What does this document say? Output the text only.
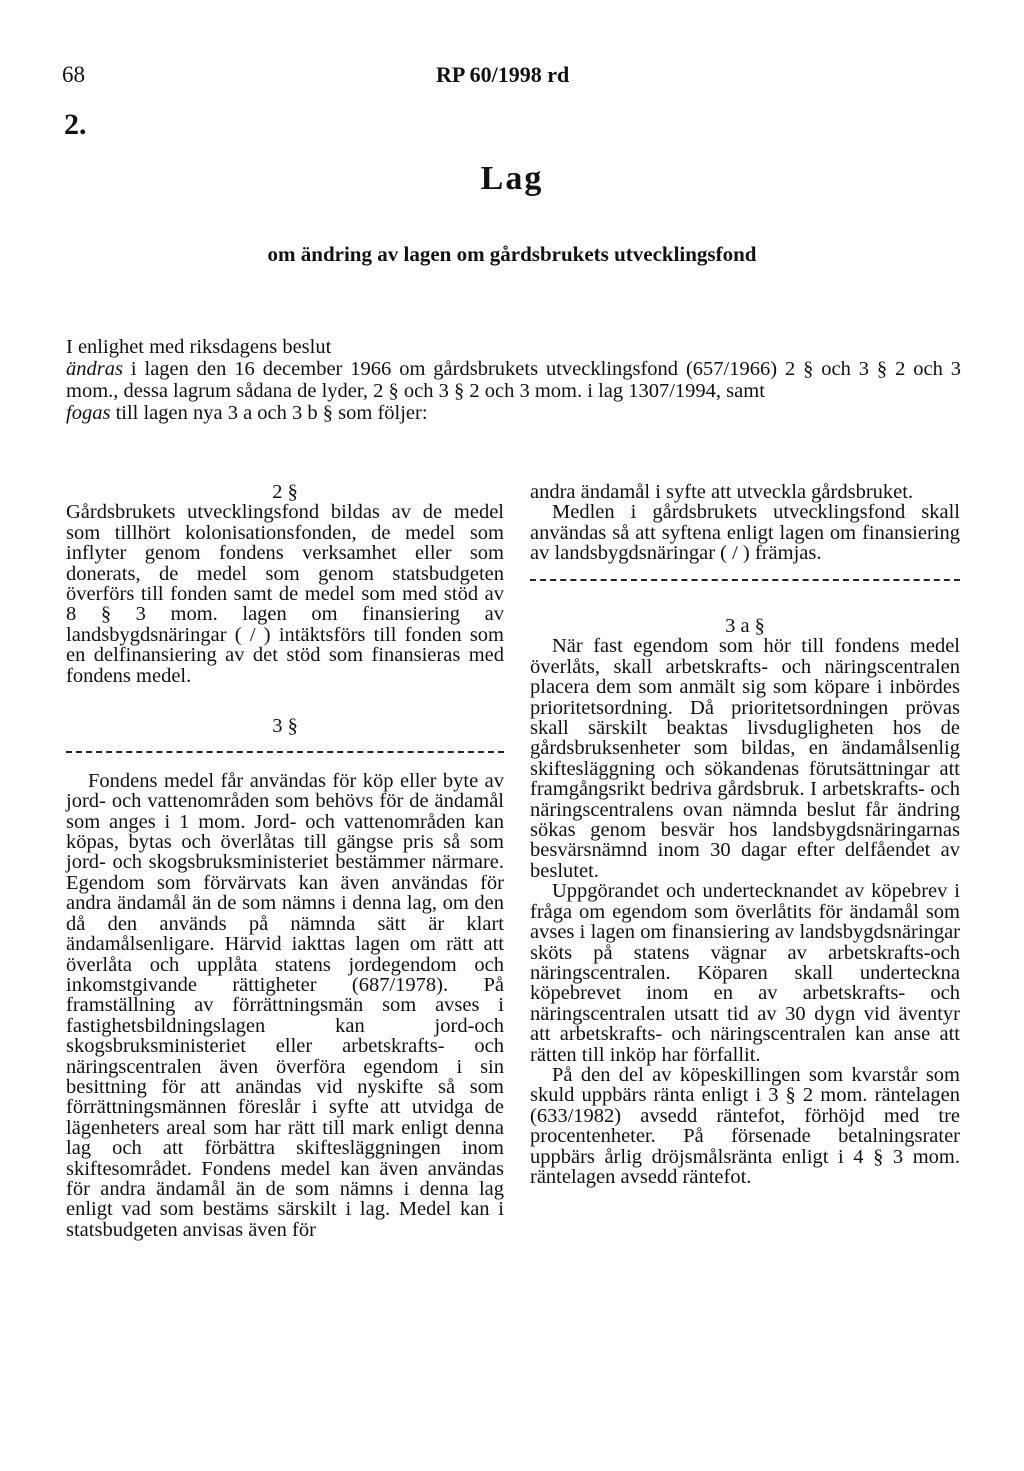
68	RP 60/1998 rd
2.
Lag
om ändring av lagen om gårdsbrukets utvecklingsfond

I enlighet med riksdagens beslut

ändras i lagen den 16 december 1966 om gårdsbrukets utvecklingsfond (657/1966) 2 § och 3 § 2 och 3 mom., dessa lagrum sådana de lyder, 2 § och 3 § 2 och 3 mom. i lag 1307/1994, samt

fogas till lagen nya 3 a och 3 b § som följer:

2 §

Gårdsbrukets utvecklingsfond bildas av de medel som tillhört kolonisationsfonden, de medel som inflyter genom fondens verksamhet eller som donerats, de medel som genom statsbudgeten överförs till fonden samt de medel som med stöd av 8 § 3 mom. lagen om finansiering av landsbygdsnäringar ( / ) intäktsförs till fonden som en delfinansiering av det stöd som finansieras med fondens medel.

3 §

Fondens medel får användas för köp eller byte av jord- och vattenområden som behövs för de ändamål som anges i 1 mom. Jord- och vattenområden kan köpas, bytas och överlåtas till gängse pris så som jord- och skogsbruksministeriet bestämmer närmare. Egendom som förvärvats kan även användas för andra ändamål än de som nämns i denna lag, om den då den används på nämnda sätt är klart ändamålsenligare. Härvid iakttas lagen om rätt att överlåta och upplåta statens jordegendom och inkomstgivande rättigheter (687/1978). På framställning av förrättningsmän som avses i fastighetsbildningslagen kan jord-och skogsbruksministeriet eller arbetskrafts- och näringscentralen även överföra egendom i sin besittning för att anändas vid nyskifte så som förrättningsmännen föreslår i syfte att utvidga de lägenheters areal som har rätt till mark enligt denna lag och att förbättra skiftesläggningen inom skiftesområdet. Fondens medel kan även användas för andra ändamål än de som nämns i denna lag enligt vad som bestäms särskilt i lag. Medel kan i statsbudgeten anvisas även för

andra ändamål i syfte att utveckla gårdsbruket.

Medlen i gårdsbrukets utvecklingsfond skall användas så att syftena enligt lagen om finansiering av landsbygdsnäringar ( / ) främjas.

3 a §

När fast egendom som hör till fondens medel överlåts, skall arbetskrafts- och näringscentralen placera dem som anmält sig som köpare i inbördes prioritetsordning. Då prioritetsordningen prövas skall särskilt beaktas livsdugligheten hos de gårdsbruksenheter som bildas, en ändamålsenlig skiftesläggning och sökandenas förutsättningar att framgångsrikt bedriva gårdsbruk. I arbetskrafts- och näringscentralens ovan nämnda beslut får ändring sökas genom besvär hos landsbygdsnäringarnas besvärsnämnd inom 30 dagar efter delfåendet av beslutet.

Uppgörandet och undertecknandet av köpebrev i fråga om egendom som överlåtits för ändamål som avses i lagen om finansiering av landsbygdsnäringar sköts på statens vägnar av arbetskrafts-och näringscentralen. Köparen skall underteckna köpebrevet inom en av arbetskrafts- och näringscentralen utsatt tid av 30 dygn vid äventyr att arbetskrafts- och näringscentralen kan anse att rätten till inköp har förfallit.

På den del av köpeskillingen som kvarstår som skuld uppbärs ränta enligt i 3 § 2 mom. räntelagen (633/1982) avsedd räntefot, förhöjd med tre procentenheter. På försenade betalningsrater uppbärs årlig dröjsmålsränta enligt i 4 § 3 mom. räntelagen avsedd räntefot.
